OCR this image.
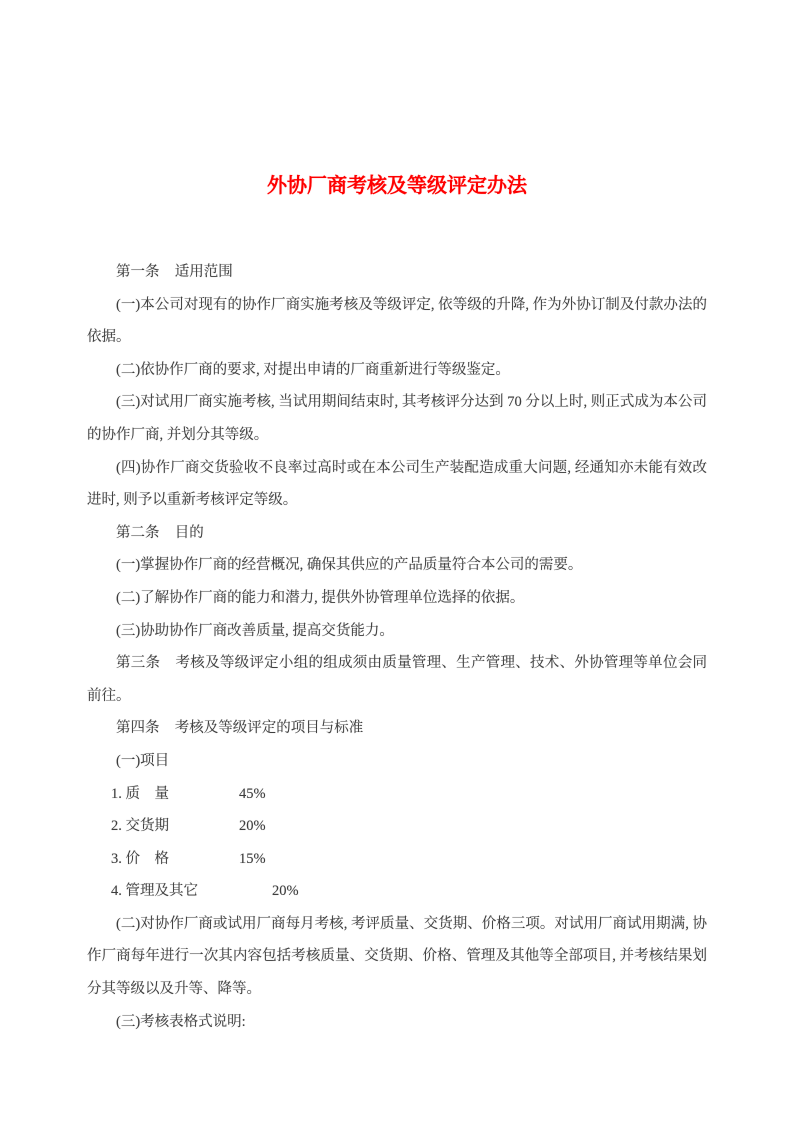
外协厂商考核及等级评定办法

第一条 适用范围

(一)本公司对现有的协作厂商实施考核及等级评定, 依等级的升降, 作为外协订制及付款办法的依据。

(二)依协作厂商的要求, 对提出申请的厂商重新进行等级鉴定。

(三)对试用厂商实施考核, 当试用期间结束时, 其考核评分达到 70 分以上时, 则正式成为本公司的协作厂商, 并划分其等级。

(四)协作厂商交货验收不良率过高时或在本公司生产装配造成重大问题, 经通知亦未能有效改进时, 则予以重新考核评定等级。

第二条 目的

(一)掌握协作厂商的经营概况, 确保其供应的产品质量符合本公司的需要。

(二)了解协作厂商的能力和潜力, 提供外协管理单位选择的依据。

(三)协助协作厂商改善质量, 提高交货能力。

第三条 考核及等级评定小组的组成须由质量管理、生产管理、技术、外协管理等单位会同前往。

第四条 考核及等级评定的项目与标准

(一)项目

1. 质　量	45%

2. 交货期	20%

3. 价　格	15%

4. 管理及其它	20%

(二)对协作厂商或试用厂商每月考核, 考评质量、交货期、价格三项。对试用厂商试用期满, 协作厂商每年进行一次其内容包括考核质量、交货期、价格、管理及其他等全部项目, 并考核结果划分其等级以及升等、降等。

(三)考核表格式说明:
